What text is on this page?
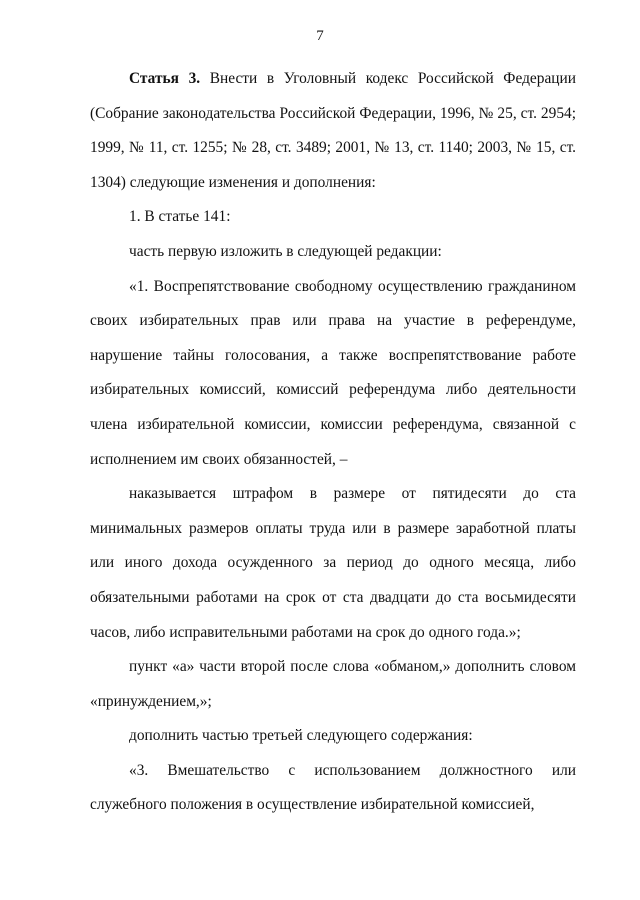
7

Статья 3. Внести в Уголовный кодекс Российской Федерации (Собрание законодательства Российской Федерации, 1996, № 25, ст. 2954; 1999, № 11, ст. 1255; № 28, ст. 3489; 2001, № 13, ст. 1140; 2003, № 15, ст. 1304) следующие изменения и дополнения:

1. В статье 141:

часть первую изложить в следующей редакции:

«1. Воспрепятствование свободному осуществлению гражданином своих избирательных прав или права на участие в референдуме, нарушение тайны голосования, а также воспрепятствование работе избирательных комиссий, комиссий референдума либо деятельности члена избирательной комиссии, комиссии референдума, связанной с исполнением им своих обязанностей, –

наказывается штрафом в размере от пятидесяти до ста минимальных размеров оплаты труда или в размере заработной платы или иного дохода осужденного за период до одного месяца, либо обязательными работами на срок от ста двадцати до ста восьмидесяти часов, либо исправительными работами на срок до одного года.»;

пункт «а» части второй после слова «обманом,» дополнить словом «принуждением,»;

дополнить частью третьей следующего содержания:

«3. Вмешательство с использованием должностного или служебного положения в осуществление избирательной комиссией,
